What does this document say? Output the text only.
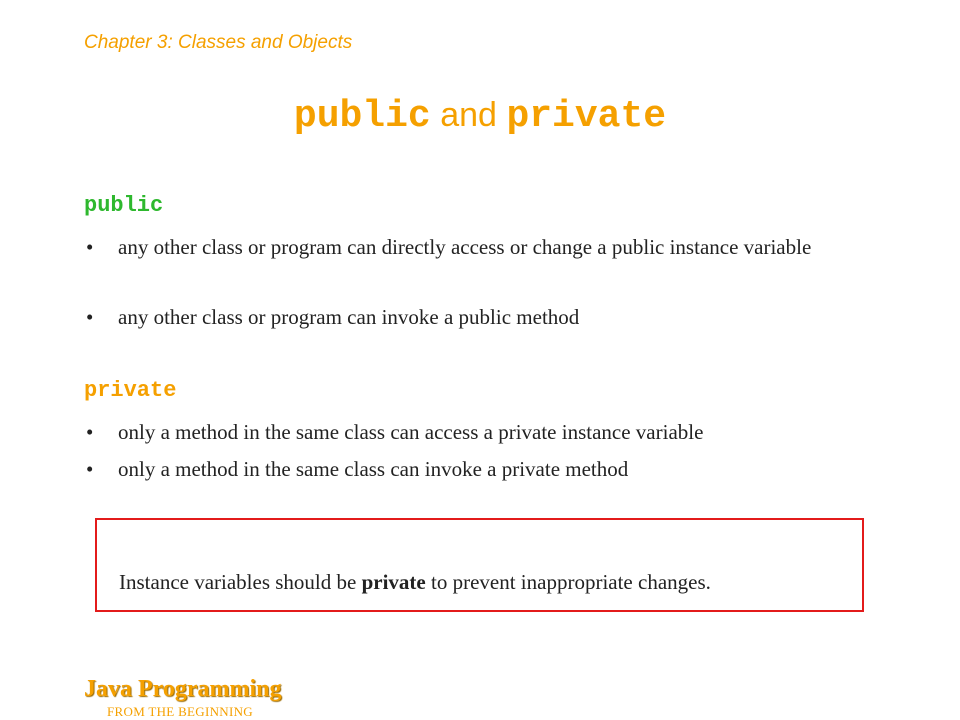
Chapter 3: Classes and Objects
public and private
public
• any other class or program can directly access or change a public instance variable
• any other class or program can invoke a public method
private
• only a method in the same class can access a private instance variable
• only a method in the same class can invoke a private method
Instance variables should be private to prevent inappropriate changes.
Java Programming
FROM THE BEGINNING
